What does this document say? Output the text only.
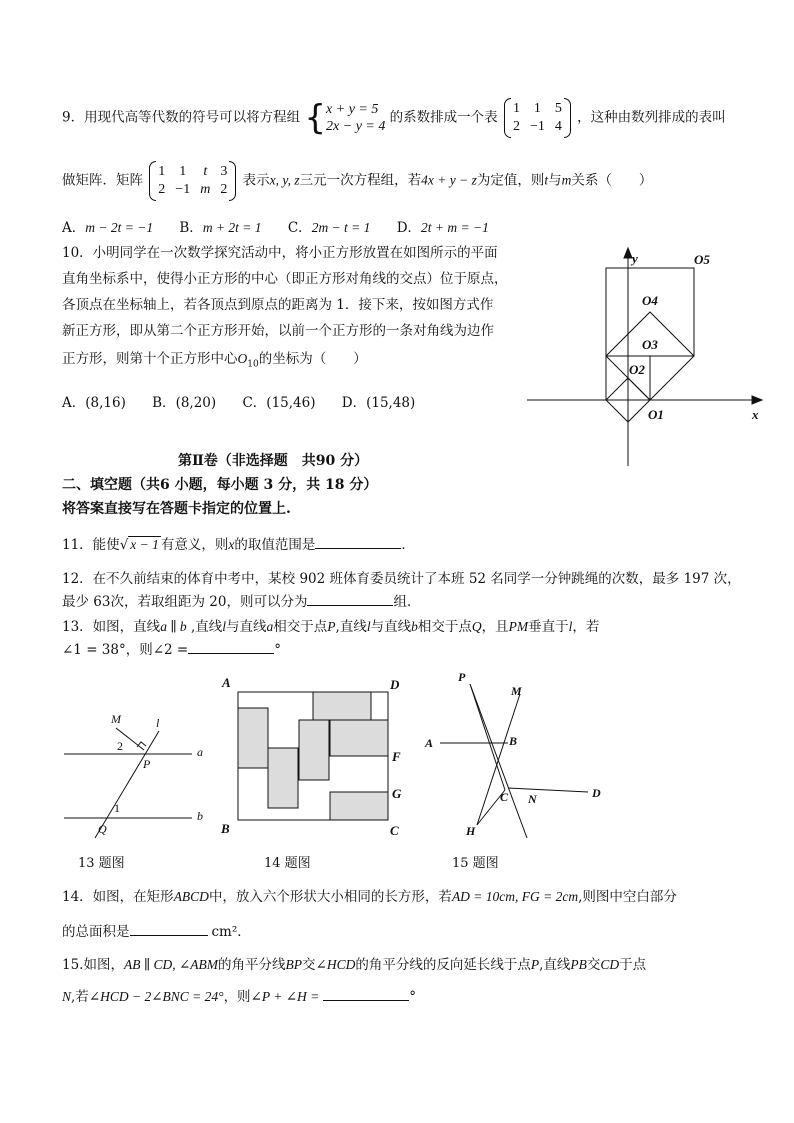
9．用现代高等代数的符号可以将方程组 {x + y = 5
2x − y = 4 的系数排成一个表
1	1	5
2	−1	4
，这种由数列排成的表叫
做矩阵．矩阵
1	1	t	3
2	−1	m	2
表示x, y, z三元一次方程组，若4x + y − z为定值，则t与m关系（　　）
A．m − 2t = −1 B．m + 2t = 1 C．2m − t = 1 D．2t + m = −1
10．小明同学在一次数学探究活动中，将小正方形放置在如图所示的平面
直角坐标系中，使得小正方形的中心（即正方形对角线的交点）位于原点，
各顶点在坐标轴上，若各顶点到原点的距离为 1．接下来，按如图方式作
新正方形，即从第二个正方形开始，以前一个正方形的一条对角线为边作
正方形，则第十个正方形中心$O_{10}$的坐标为（　　）
A．(8,16) B．(8,20) C．(15,46) D．(15,48)
y
x
O1
O2
O3
O4
O5
第Ⅱ卷（非选择题　共90 分）
二、填空题（共6 小题，每小题 3 分，共 18 分）
将答案直接写在答题卡指定的位置上.
11．能使√ x − 1 有意义，则x的取值范围是	．
12．在不久前结束的体育中考中，某校 902 班体育委员统计了本班 52 名同学一分钟跳绳的次数，最多 197 次，
最少 63次，若取组距为 20，则可以分为	组．
13．如图，直线a ∥ b ,直线l与直线a相交于点P,直线l与直线b相交于点Q，且PM垂直于l，若
∠1 = 38°，则∠2 =	°
M	l
2
P
a
1
b
Q
13 题图
A	D
F
G
B	C
14 题图
P
M
A	B
C N	D
H
15 题图
14．如图，在矩形ABCD中，放入六个形状大小相同的长方形，若AD = 10cm, FG = 2cm,则图中空白部分
的总面积是	cm²．
15.如图，AB ∥ CD, ∠ABM的角平分线BP交∠HCD的角平分线的反向延长线于点P,直线PB交CD于点
N,若∠HCD − 2∠BNC = 24°，则∠P + ∠H =	°
